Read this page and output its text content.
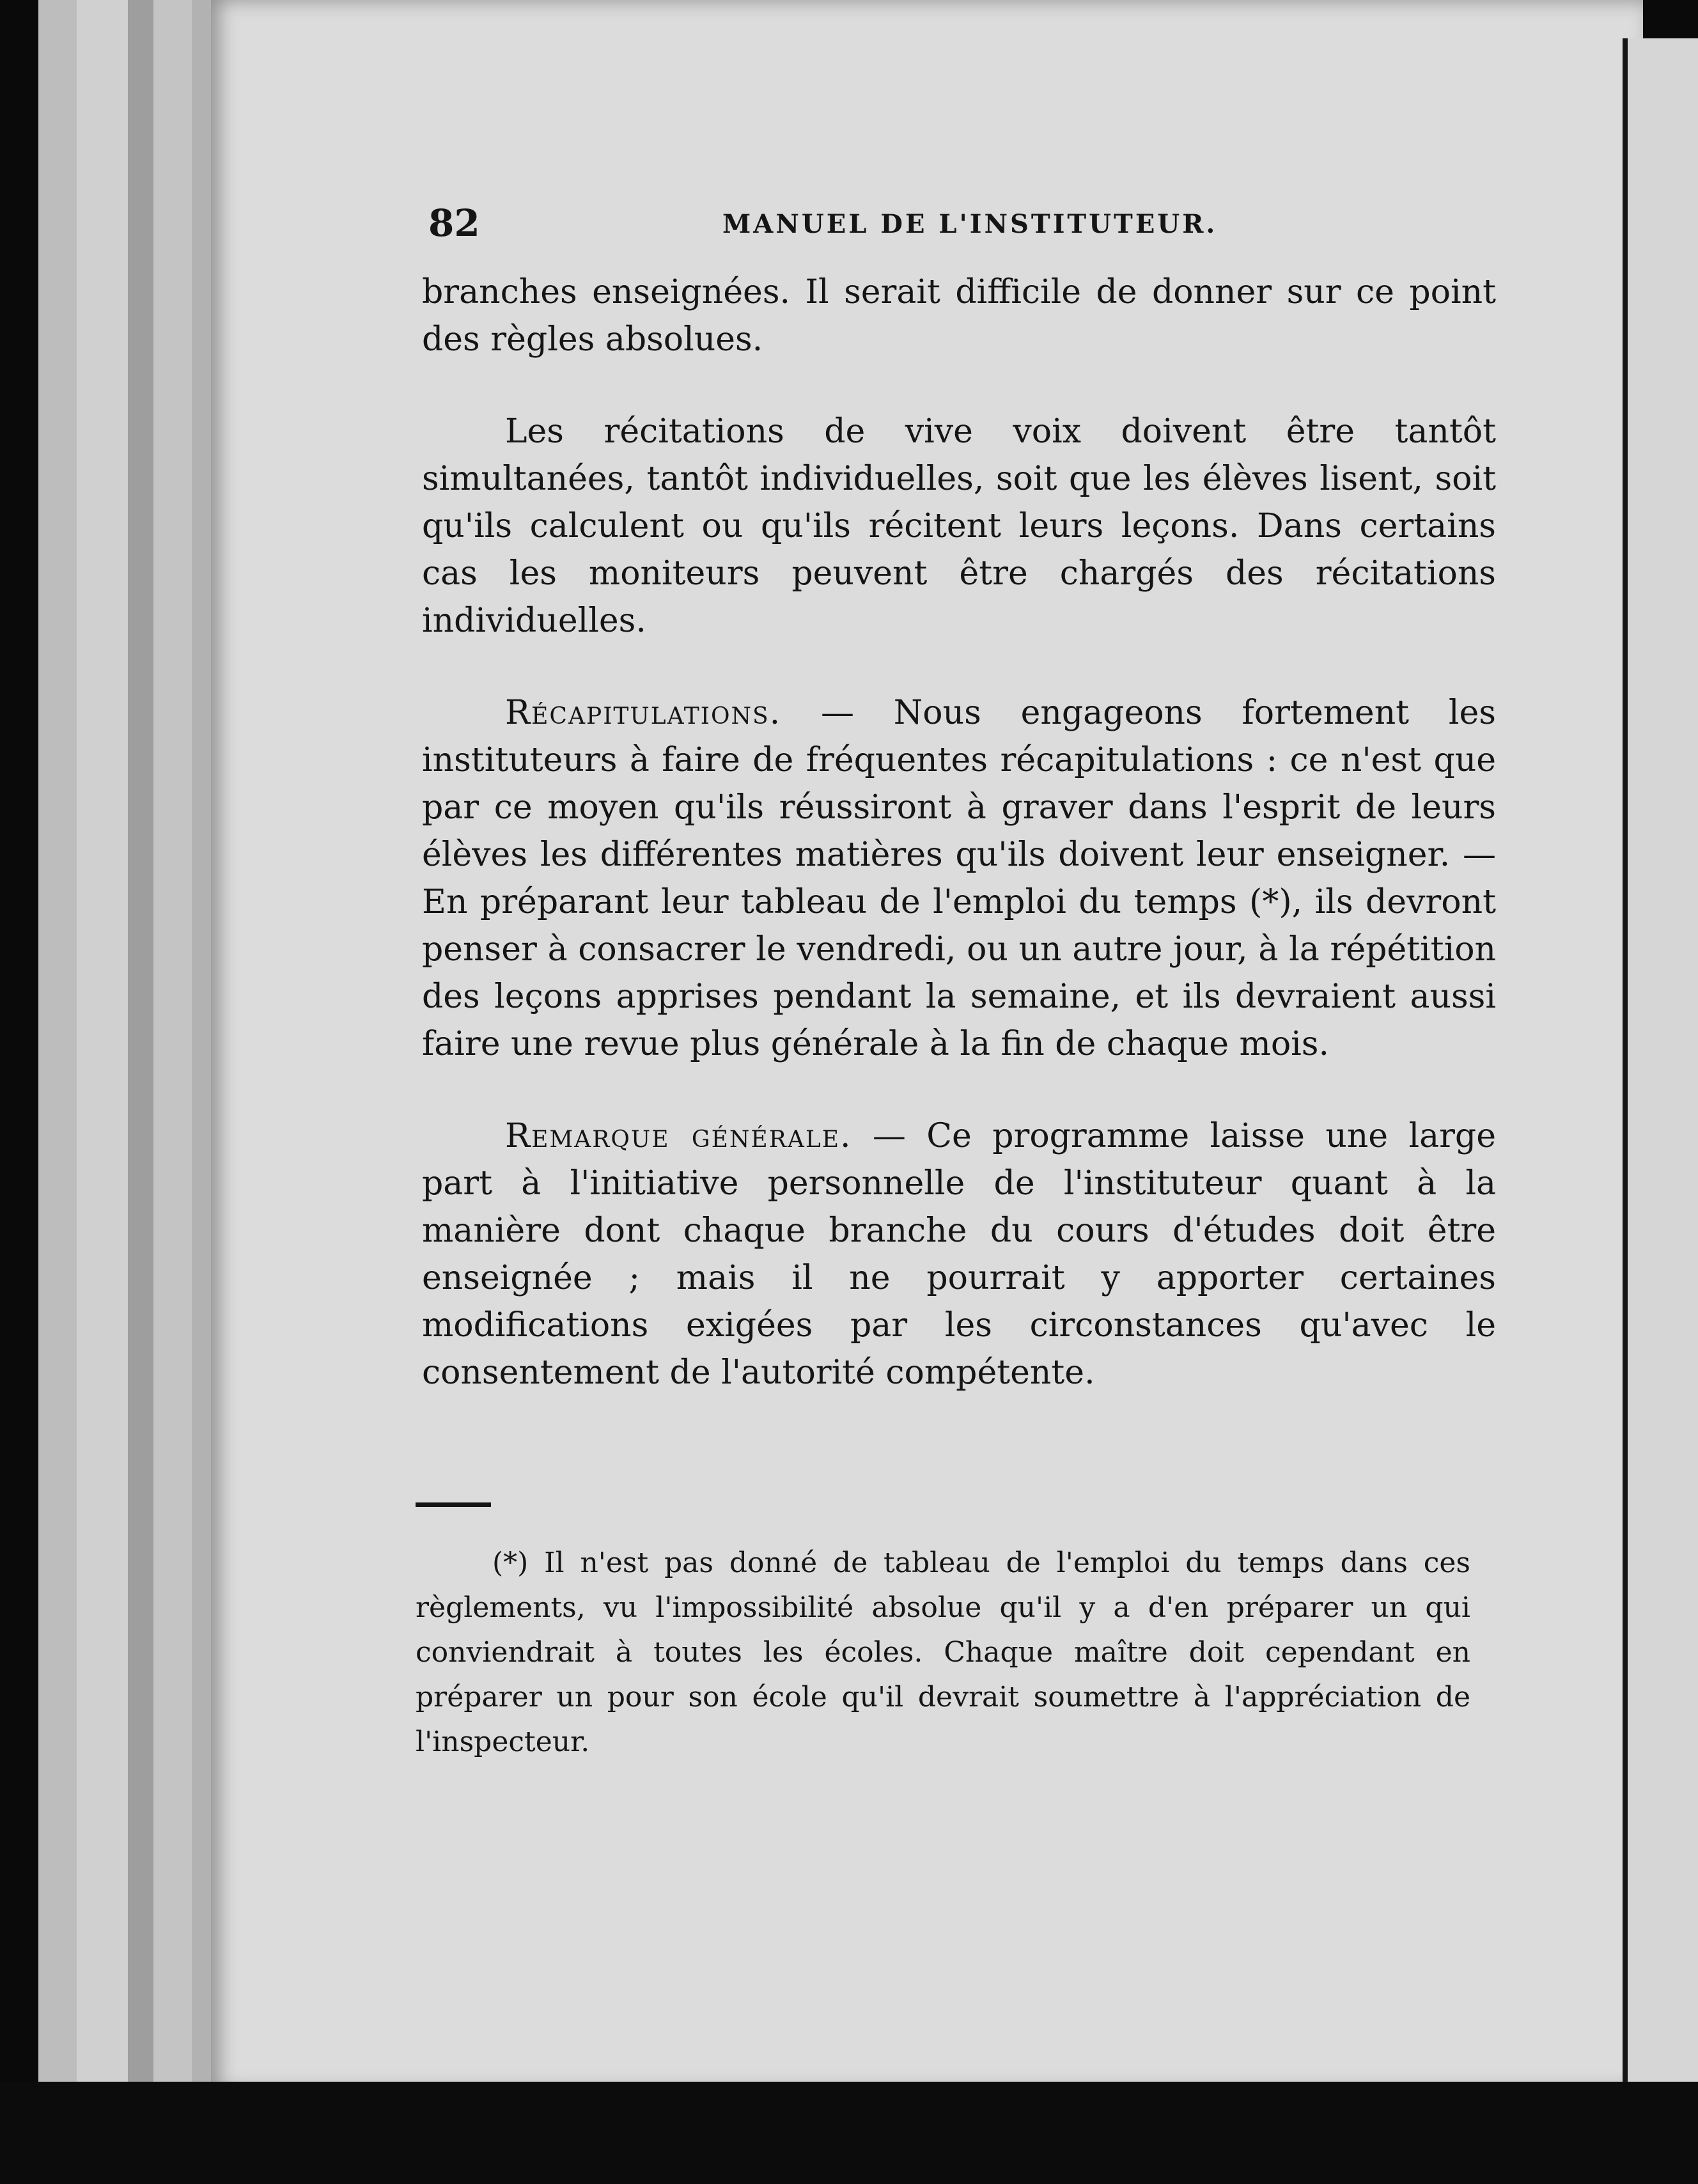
82	MANUEL DE L'INSTITUTEUR.

branches enseignées. Il serait difficile de donner sur ce point des règles absolues.

Les récitations de vive voix doivent être tantôt simultanées, tantôt individuelles, soit que les élèves lisent, soit qu'ils calculent ou qu'ils récitent leurs leçons. Dans certains cas les moniteurs peuvent être chargés des récitations individuelles.

Récapitulations. — Nous engageons fortement les instituteurs à faire de fréquentes récapitulations : ce n'est que par ce moyen qu'ils réussiront à graver dans l'esprit de leurs élèves les différentes matières qu'ils doivent leur enseigner. — En préparant leur tableau de l'emploi du temps (*), ils devront penser à consacrer le vendredi, ou un autre jour, à la répétition des leçons apprises pendant la semaine, et ils devraient aussi faire une revue plus générale à la fin de chaque mois.

Remarque générale. — Ce programme laisse une large part à l'initiative personnelle de l'instituteur quant à la manière dont chaque branche du cours d'études doit être enseignée ; mais il ne pourrait y apporter certaines modifications exigées par les circonstances qu'avec le consentement de l'autorité compétente.

(*) Il n'est pas donné de tableau de l'emploi du temps dans ces règlements, vu l'impossibilité absolue qu'il y a d'en préparer un qui conviendrait à toutes les écoles. Chaque maître doit cependant en préparer un pour son école qu'il devrait soumettre à l'appréciation de l'inspecteur.
